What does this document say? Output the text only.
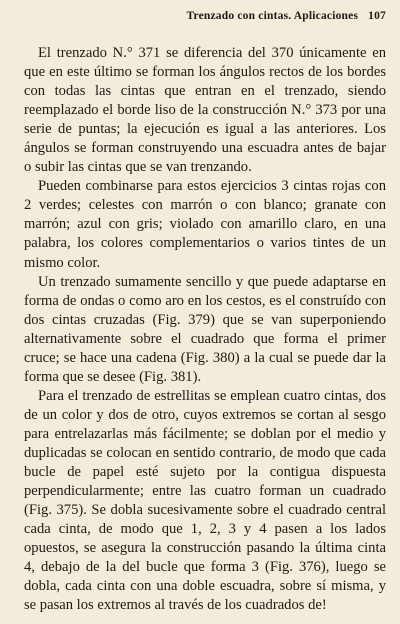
Trenzado con cintas. Aplicaciones 107

El trenzado N.° 371 se diferencia del 370 únicamente en que en este último se forman los ángulos rectos de los bordes con todas las cintas que entran en el trenzado, siendo reemplazado el borde liso de la construcción N.° 373 por una serie de puntas; la ejecución es igual a las anteriores. Los ángulos se forman construyendo una escuadra antes de bajar o subir las cintas que se van trenzando.

Pueden combinarse para estos ejercicios 3 cintas rojas con 2 verdes; celestes con marrón o con blanco; granate con marrón; azul con gris; violado con amarillo claro, en una palabra, los colores complementarios o varios tintes de un mismo color.

Un trenzado sumamente sencillo y que puede adaptarse en forma de ondas o como aro en los cestos, es el construído con dos cintas cruzadas (Fig. 379) que se van superponiendo alternativamente sobre el cuadrado que forma el primer cruce; se hace una cadena (Fig. 380) a la cual se puede dar la forma que se desee (Fig. 381).

Para el trenzado de estrellitas se emplean cuatro cintas, dos de un color y dos de otro, cuyos extremos se cortan al sesgo para entrelazarlas más fácilmente; se doblan por el medio y duplicadas se colocan en sentido contrario, de modo que cada bucle de papel esté sujeto por la contigua dispuesta perpendicularmente; entre las cuatro forman un cuadrado (Fig. 375). Se dobla sucesivamente sobre el cuadrado central cada cinta, de modo que 1, 2, 3 y 4 pasen a los lados opuestos, se asegura la construcción pasando la última cinta 4, debajo de la del bucle que forma 3 (Fig. 376), luego se dobla, cada cinta con una doble escuadra, sobre sí misma, y se pasan los extremos al través de los cuadrados de!
